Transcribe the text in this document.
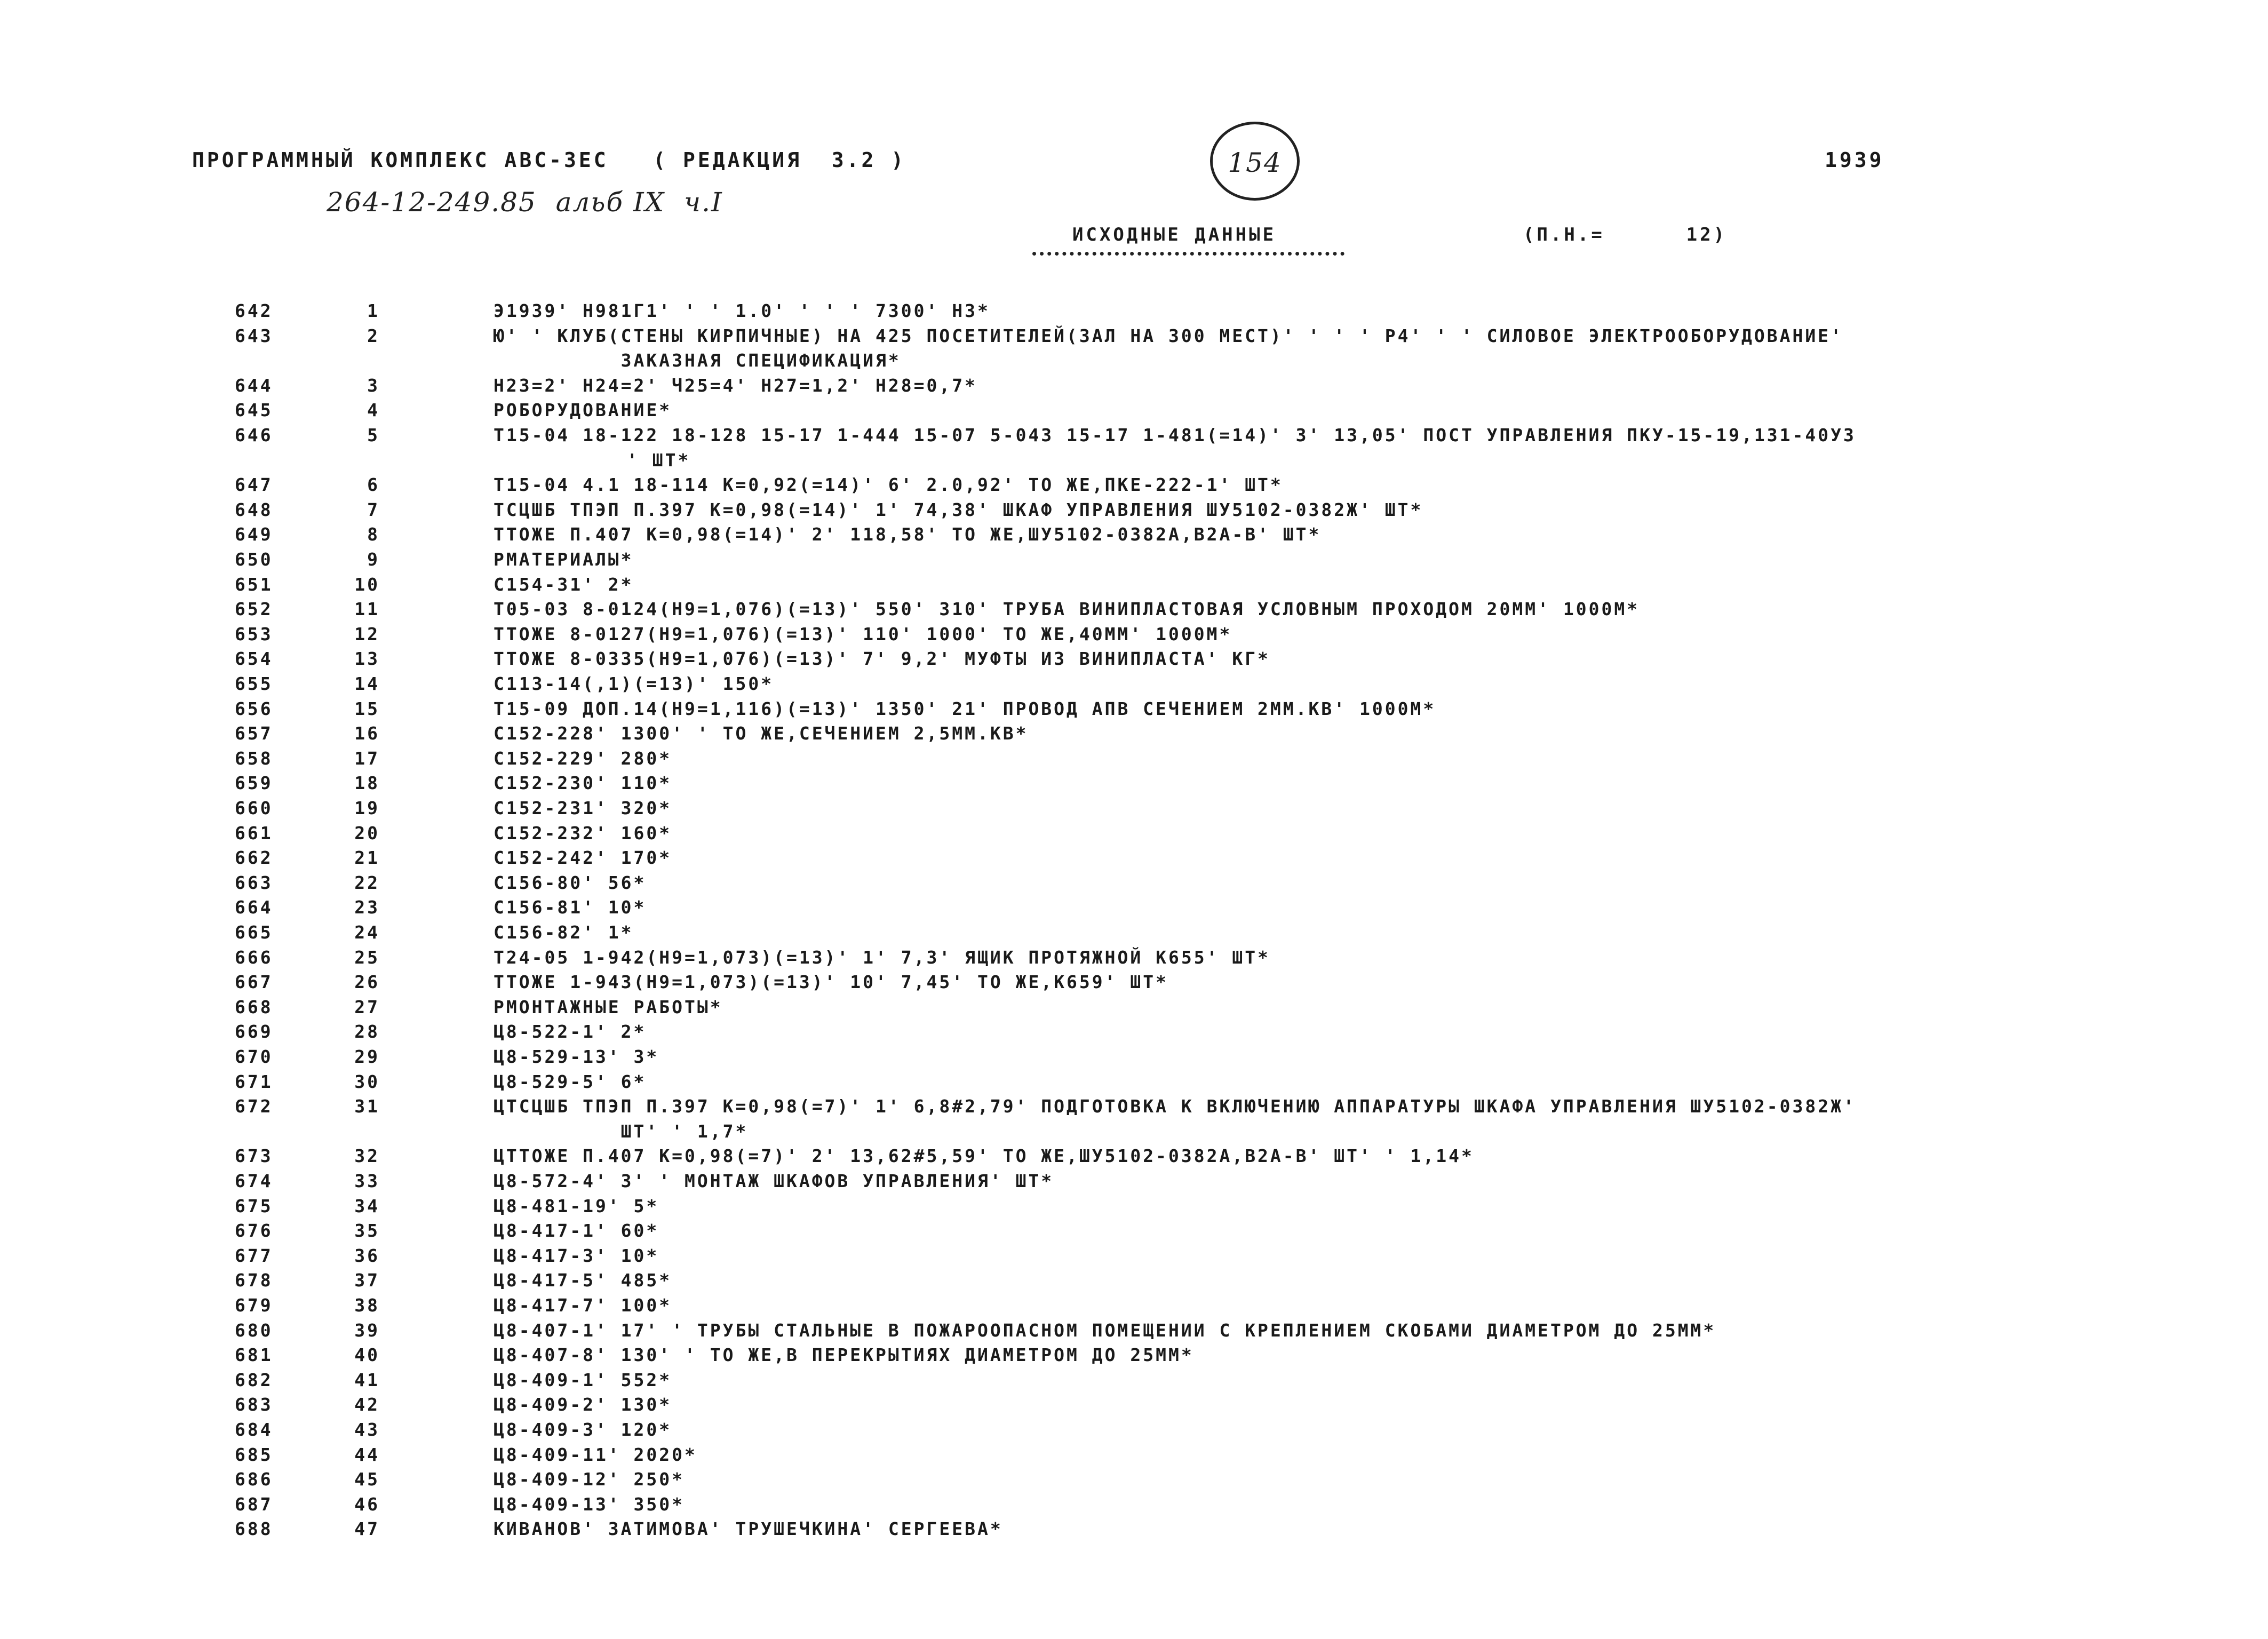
ПРОГРАММНЫЙ КОМПЛЕКС АВС-ЗЕС   ( РЕДАКЦИЯ  3.2 )	154	1939
264-12-249.85  альб IX  ч.I
ИСХОДНЫЕ ДАННЫЕ	(П.Н.=      12)
642	1	Э1939' Н981Г1' ' ' 1.0' ' ' ' 7300' НЗ*
643	2	Ю' ' КЛУБ(СТЕНЫ КИРПИЧНЫЕ) НА 425 ПОСЕТИТЕЛЕЙ(ЗАЛ НА 300 МЕСТ)' ' ' ' Р4' ' ' СИЛОВОЕ ЭЛЕКТРООБОРУДОВАНИЕ'
ЗАКАЗНАЯ СПЕЦИФИКАЦИЯ*
644	3	Н23=2' Н24=2' Ч25=4' Н27=1,2' Н28=0,7*
645	4	РОБОРУДОВАНИЕ*
646	5	Т15-04 18-122 18-128 15-17 1-444 15-07 5-043 15-17 1-481(=14)' 3' 13,05' ПОСТ УПРАВЛЕНИЯ ПКУ-15-19,131-40УЗ
' ШТ*
647	6	Т15-04 4.1 18-114 К=0,92(=14)' 6' 2.0,92' ТО ЖЕ,ПКЕ-222-1' ШТ*
648	7	ТСЦШБ ТПЭП П.397 К=0,98(=14)' 1' 74,38' ШКАФ УПРАВЛЕНИЯ ШУ5102-0382Ж' ШТ*
649	8	ТТОЖЕ П.407 К=0,98(=14)' 2' 118,58' ТО ЖЕ,ШУ5102-0382А,В2А-В' ШТ*
650	9	РМАТЕРИАЛЫ*
651	10	С154-31' 2*
652	11	Т05-03 8-0124(Н9=1,076)(=13)' 550' 310' ТРУБА ВИНИПЛАСТОВАЯ УСЛОВНЫМ ПРОХОДОМ 20ММ' 1000М*
653	12	ТТОЖЕ 8-0127(Н9=1,076)(=13)' 110' 1000' ТО ЖЕ,40ММ' 1000М*
654	13	ТТОЖЕ 8-0335(Н9=1,076)(=13)' 7' 9,2' МУФТЫ ИЗ ВИНИПЛАСТА' КГ*
655	14	С113-14(,1)(=13)' 150*
656	15	Т15-09 ДОП.14(Н9=1,116)(=13)' 1350' 21' ПРОВОД АПВ СЕЧЕНИЕМ 2ММ.КВ' 1000М*
657	16	С152-228' 1300' ' ТО ЖЕ,СЕЧЕНИЕМ 2,5ММ.КВ*
658	17	С152-229' 280*
659	18	С152-230' 110*
660	19	С152-231' 320*
661	20	С152-232' 160*
662	21	С152-242' 170*
663	22	С156-80' 56*
664	23	С156-81' 10*
665	24	С156-82' 1*
666	25	Т24-05 1-942(Н9=1,073)(=13)' 1' 7,3' ЯЩИК ПРОТЯЖНОЙ К655' ШТ*
667	26	ТТОЖЕ 1-943(Н9=1,073)(=13)' 10' 7,45' ТО ЖЕ,К659' ШТ*
668	27	РМОНТАЖНЫЕ РАБОТЫ*
669	28	Ц8-522-1' 2*
670	29	Ц8-529-13' 3*
671	30	Ц8-529-5' 6*
672	31	ЦТСЦШБ ТПЭП П.397 К=0,98(=7)' 1' 6,8#2,79' ПОДГОТОВКА К ВКЛЮЧЕНИЮ АППАРАТУРЫ ШКАФА УПРАВЛЕНИЯ ШУ5102-0382Ж'
ШТ' ' 1,7*
673	32	ЦТТОЖЕ П.407 К=0,98(=7)' 2' 13,62#5,59' ТО ЖЕ,ШУ5102-0382А,В2А-В' ШТ' ' 1,14*
674	33	Ц8-572-4' 3' ' МОНТАЖ ШКАФОВ УПРАВЛЕНИЯ' ШТ*
675	34	Ц8-481-19' 5*
676	35	Ц8-417-1' 60*
677	36	Ц8-417-3' 10*
678	37	Ц8-417-5' 485*
679	38	Ц8-417-7' 100*
680	39	Ц8-407-1' 17' ' ТРУБЫ СТАЛЬНЫЕ В ПОЖАРООПАСНОМ ПОМЕЩЕНИИ С КРЕПЛЕНИЕМ СКОБАМИ ДИАМЕТРОМ ДО 25ММ*
681	40	Ц8-407-8' 130' ' ТО ЖЕ,В ПЕРЕКРЫТИЯХ ДИАМЕТРОМ ДО 25ММ*
682	41	Ц8-409-1' 552*
683	42	Ц8-409-2' 130*
684	43	Ц8-409-3' 120*
685	44	Ц8-409-11' 2020*
686	45	Ц8-409-12' 250*
687	46	Ц8-409-13' 350*
688	47	КИВАНОВ' ЗАТИМОВА' ТРУШЕЧКИНА' СЕРГЕЕВА*
